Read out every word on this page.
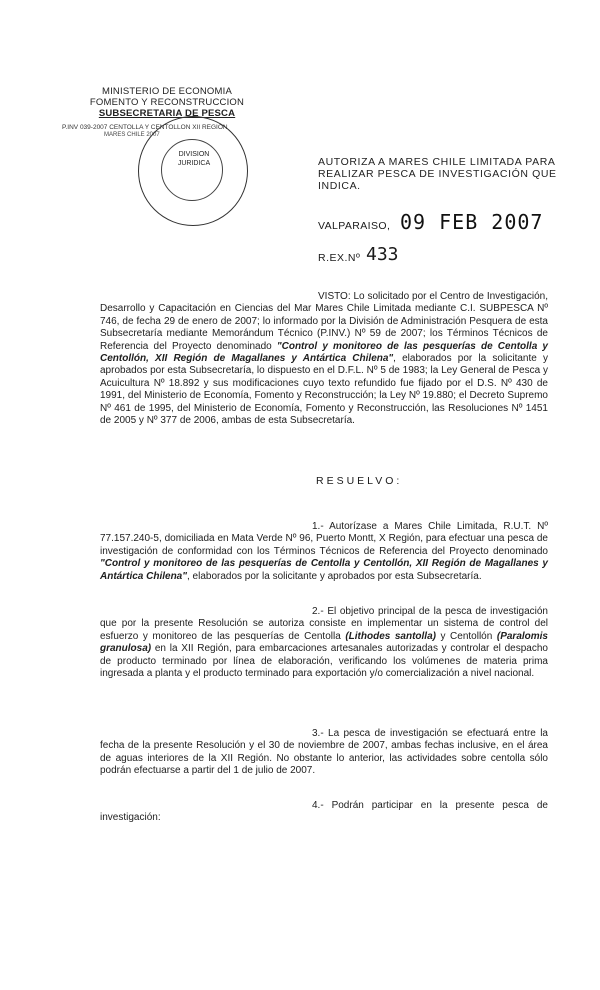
MINISTERIO DE ECONOMIA
FOMENTO Y RECONSTRUCCION
SUBSECRETARIA DE PESCA
P.INV 039-2007 CENTOLLA Y CENTOLLON XII REGION
MARES CHILE 2007
DIVISION JURIDICA	AUTORIZA A MARES CHILE LIMITADA PARA REALIZAR PESCA DE INVESTIGACIÓN QUE INDICA.
VALPARAISO, 09 FEB 2007
R.EX.Nº 433
VISTO: Lo solicitado por el Centro de Investigación, Desarrollo y Capacitación en Ciencias del Mar Mares Chile Limitada mediante C.I. SUBPESCA Nº 746, de fecha 29 de enero de 2007; lo informado por la División de Administración Pesquera de esta Subsecretaría mediante Memorándum Técnico (P.INV.) Nº 59 de 2007; los Términos Técnicos de Referencia del Proyecto denominado "Control y monitoreo de las pesquerías de Centolla y Centollón, XII Región de Magallanes y Antártica Chilena", elaborados por la solicitante y aprobados por esta Subsecretaría, lo dispuesto en el D.F.L. Nº 5 de 1983; la Ley General de Pesca y Acuicultura Nº 18.892 y sus modificaciones cuyo texto refundido fue fijado por el D.S. Nº 430 de 1991, del Ministerio de Economía, Fomento y Reconstrucción; la Ley Nº 19.880; el Decreto Supremo Nº 461 de 1995, del Ministerio de Economía, Fomento y Reconstrucción, las Resoluciones Nº 1451 de 2005 y Nº 377 de 2006, ambas de esta Subsecretaría.
RESUELVO:
1.- Autorízase a Mares Chile Limitada, R.U.T. Nº 77.157.240-5, domiciliada en Mata Verde Nº 96, Puerto Montt, X Región, para efectuar una pesca de investigación de conformidad con los Términos Técnicos de Referencia del Proyecto denominado "Control y monitoreo de las pesquerías de Centolla y Centollón, XII Región de Magallanes y Antártica Chilena", elaborados por la solicitante y aprobados por esta Subsecretaría.
2.- El objetivo principal de la pesca de investigación que por la presente Resolución se autoriza consiste en implementar un sistema de control del esfuerzo y monitoreo de las pesquerías de Centolla (Lithodes santolla) y Centollón (Paralomis granulosa) en la XII Región, para embarcaciones artesanales autorizadas y controlar el despacho de producto terminado por línea de elaboración, verificando los volúmenes de materia prima ingresada a planta y el producto terminado para exportación y/o comercialización a nivel nacional.
3.- La pesca de investigación se efectuará entre la fecha de la presente Resolución y el 30 de noviembre de 2007, ambas fechas inclusive, en el área de aguas interiores de la XII Región. No obstante lo anterior, las actividades sobre centolla sólo podrán efectuarse a partir del 1 de julio de 2007.
4.- Podrán participar en la presente pesca de investigación:
